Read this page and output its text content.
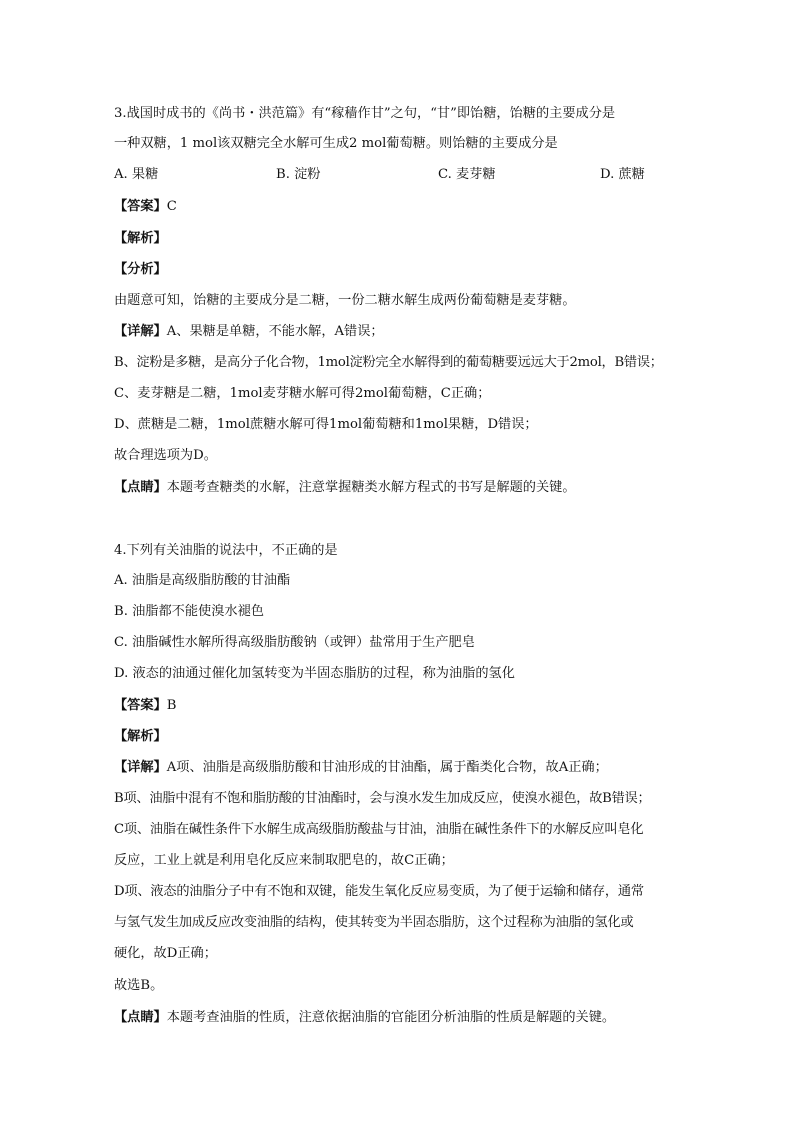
3.战国时成书的《尚书・洪范篇》有“稼穑作甘”之句，“甘”即饴糖，饴糖的主要成分是
一种双糖，1 mol该双糖完全水解可生成2 mol葡萄糖。则饴糖的主要成分是
A. 果糖	B. 淀粉	C. 麦芽糖	D. 蔗糖
【答案】C
【解析】
【分析】
由题意可知，饴糖的主要成分是二糖，一份二糖水解生成两份葡萄糖是麦芽糖。
【详解】A、果糖是单糖，不能水解，A错误；
B、淀粉是多糖，是高分子化合物，1mol淀粉完全水解得到的葡萄糖要远远大于2mol，B错误；
C、麦芽糖是二糖，1mol麦芽糖水解可得2mol葡萄糖，C正确；
D、蔗糖是二糖，1mol蔗糖水解可得1mol葡萄糖和1mol果糖，D错误；
故合理选项为D。
【点睛】本题考查糖类的水解，注意掌握糖类水解方程式的书写是解题的关键。
4.下列有关油脂的说法中，不正确的是
A. 油脂是高级脂肪酸的甘油酯
B. 油脂都不能使溴水褪色
C. 油脂碱性水解所得高级脂肪酸钠（或钾）盐常用于生产肥皂
D. 液态的油通过催化加氢转变为半固态脂肪的过程，称为油脂的氢化
【答案】B
【解析】
【详解】A项、油脂是高级脂肪酸和甘油形成的甘油酯，属于酯类化合物，故A正确；
B项、油脂中混有不饱和脂肪酸的甘油酯时，会与溴水发生加成反应，使溴水褪色，故B错误；
C项、油脂在碱性条件下水解生成高级脂肪酸盐与甘油，油脂在碱性条件下的水解反应叫皂化
反应，工业上就是利用皂化反应来制取肥皂的，故C正确；
D项、液态的油脂分子中有不饱和双键，能发生氧化反应易变质，为了便于运输和储存，通常
与氢气发生加成反应改变油脂的结构，使其转变为半固态脂肪，这个过程称为油脂的氢化或
硬化，故D正确；
故选B。
【点睛】本题考查油脂的性质，注意依据油脂的官能团分析油脂的性质是解题的关键。
